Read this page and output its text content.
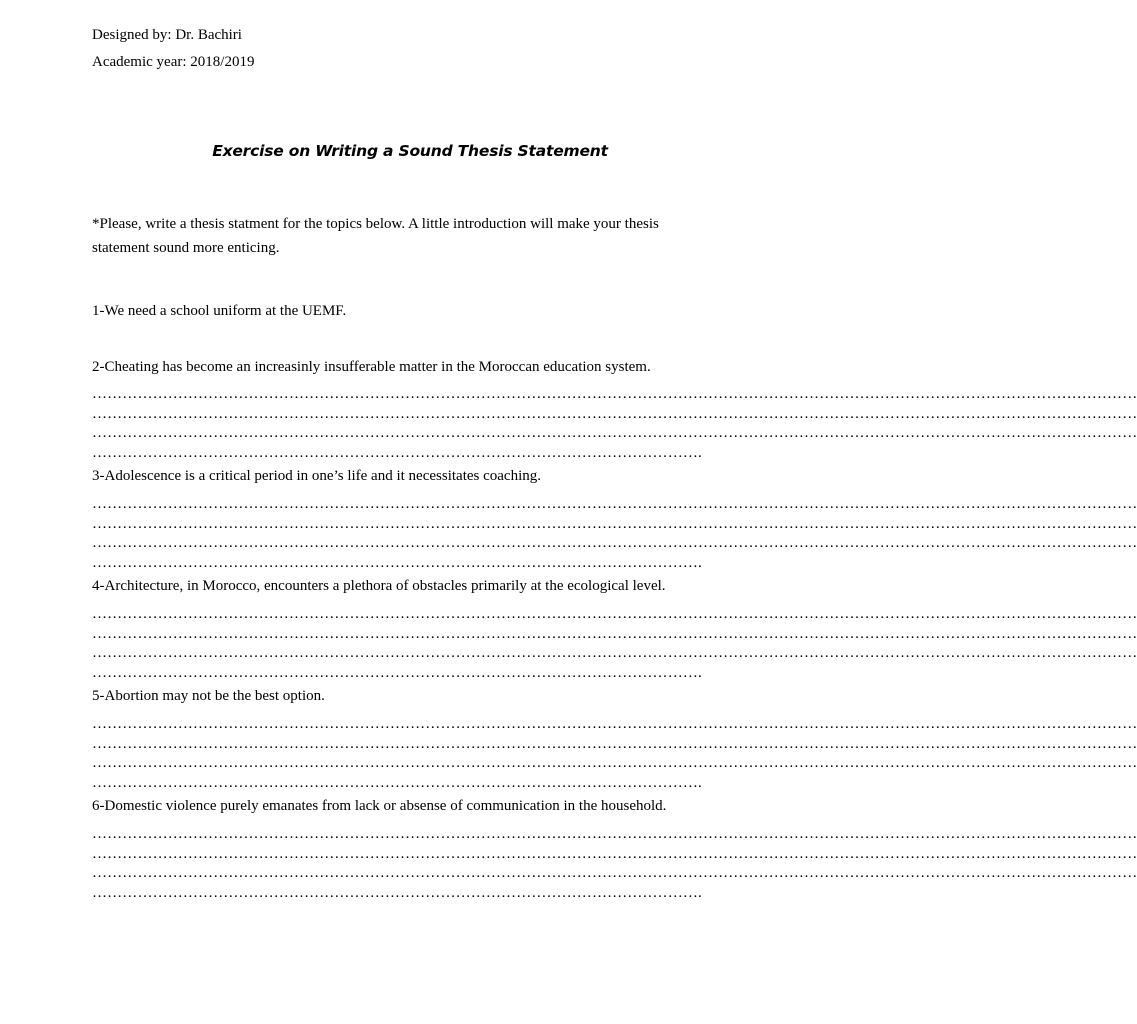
Designed by: Dr. Bachiri
Academic year: 2018/2019
Exercise on Writing a Sound Thesis Statement
*Please, write a thesis statment for the topics below. A little introduction will make your thesis statement sound more enticing.
1-We need a school uniform at the UEMF.
2-Cheating has become an increasinly insufferable matter in the Moroccan education system.
………………………………………………………………………………………………………………………………………………………………………………………
………………………………………………………………………………………………………………………………………………………………………………………
………………………………………………………………………………………………………………………………………………………………………………………
………………………………………………………………………………………………………….
3-Adolescence is a critical period in one’s life and it necessitates coaching.
………………………………………………………………………………………………………………………………………………………………………………………
………………………………………………………………………………………………………………………………………………………………………………………
………………………………………………………………………………………………………………………………………………………………………………………
………………………………………………………………………………………………………….
4-Architecture, in Morocco, encounters a plethora of obstacles primarily at the ecological level.
………………………………………………………………………………………………………………………………………………………………………………………
………………………………………………………………………………………………………………………………………………………………………………………
………………………………………………………………………………………………………………………………………………………………………………………
………………………………………………………………………………………………………….
5-Abortion may not be the best option.
………………………………………………………………………………………………………………………………………………………………………………………
………………………………………………………………………………………………………………………………………………………………………………………
………………………………………………………………………………………………………………………………………………………………………………………
………………………………………………………………………………………………………….
6-Domestic violence purely emanates from lack or absense of communication in the household.
………………………………………………………………………………………………………………………………………………………………………………………
………………………………………………………………………………………………………………………………………………………………………………………
………………………………………………………………………………………………………………………………………………………………………………………
………………………………………………………………………………………………………….
